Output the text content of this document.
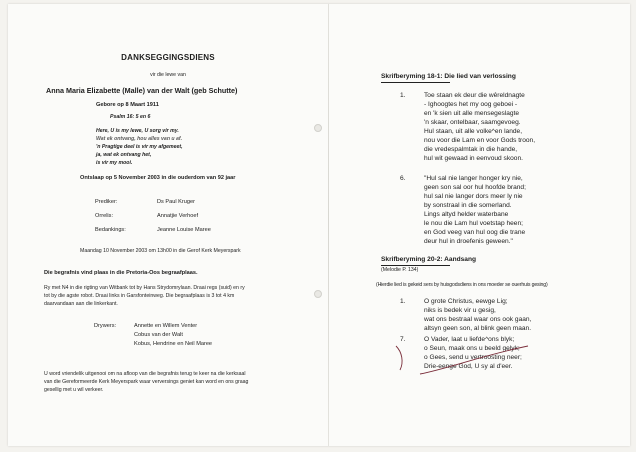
DANKSEGGINGSDIENS
vir die lewe van
Anna Maria Elizabette (Malle) van der Walt (geb Schutte)
Gebore op 8 Maart 1911
Psalm 16: 5 en 6
Here, U is my lewe, U sorg vir my.
Wat ek ontvang, hou alles van u af.
'n Pragtige deel is vir my afgemeet,
ja, wat ek ontvang het,
is vir my mooi.
Ontslaap op 5 November 2003 in die ouderdom van 92 jaar
Prediker:	Ds Paul Kruger
Orrelis:	Annatjie Verhoef
Bedankings:	Jeanne Louise Maree
Maandag 10 November 2003 om 13h00 in die Gerof Kerk Meyerspark
Die begrafnis vind plaas in die Pretoria-Oos begraafplaas.
Ry met N4 in die rigting van Witbank tot by Hans Strydomrylaan. Draai regs (suid) en ry
tot by die agste robot. Draai links in Garsfonteinweg. Die begraafplaas is 3 tot 4 km
daarvandaan aan die linkerkant.
Drywers:	Annette en Willem Venter
Cobus van der Walt
Kobus, Hendrine en Neil Maree
U word vriendelik uitgenooi om na afloop van die begrafnis terug te keer na die kerksaal
van die Gereformeerde Kerk Meyerspark waar verversings geniet kan word en ons graag
gesellig met u wil verkeer.
Skrifberyming 18-1: Die lied van verlossing
1.	Toe staan ek deur die wêreldnagte
- Ighoogtes het my oog geboei -
en 'k sien uit alle mensegeslagte
'n skaar, ontelbaar, saamgevoeg.
Hul staan, uit alle volke^en lande,
nou voor die Lam en voor Gods troon,
die vredespalmtak in die hande,
hul wit gewaad in eenvoud skoon.
6.	"Hul sal nie langer honger kry nie,
geen son sal oor hul hoofde brand;
hul sal nie langer dors meer ly nie
by sonstraal in die somerland.
Lings altyd helder waterbane
le nou die Lam hul voetstap heen;
en God veeg van hul oog die trane
deur hul in droefenis geween."
Skrifberyming 20-2: Aandsang
(Melodie P. 134)
(Hierdie lied is gekeid sers by huisgodsdiens in ons moeder se ouerhuis gesing)
1.	O grote Christus, eewge Lig;
niks is bedek vir u gesig,
wat ons bestraal waar ons ook gaan,
altsyn geen son, al blink geen maan.
7.	O Vader, laat u liefde^ons blyk;
o Seun, maak ons u beeld gelyk;
o Gees, send u vertroosting neer;
Drie-eenge God, U sy al d'eer.
